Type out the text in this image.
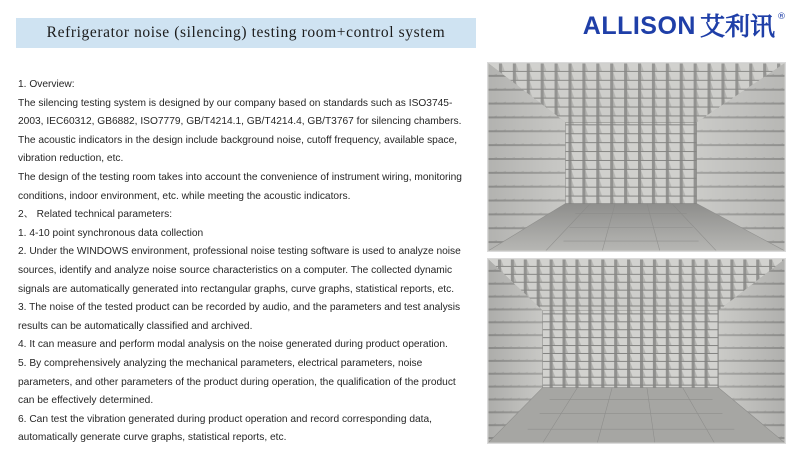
Refrigerator noise (silencing) testing room+control system	ALLISON 艾利讯 ®

1. Overview:

The silencing testing system is designed by our company based on standards such as ISO3745-2003, IEC60312, GB6882, ISO7779, GB/T4214.1, GB/T4214.4, GB/T3767 for silencing chambers. The acoustic indicators in the design include background noise, cutoff frequency, available space, vibration reduction, etc.

The design of the testing room takes into account the convenience of instrument wiring, monitoring conditions, indoor environment, etc. while meeting the acoustic indicators.

2、 Related technical parameters:

1. 4-10 point synchronous data collection

2. Under the WINDOWS environment, professional noise testing software is used to analyze noise sources, identify and analyze noise source characteristics on a computer. The collected dynamic signals are automatically generated into rectangular graphs, curve graphs, statistical reports, etc.

3. The noise of the tested product can be recorded by audio, and the parameters and test analysis results can be automatically classified and archived.

4. It can measure and perform modal analysis on the noise generated during product operation.

5. By comprehensively analyzing the mechanical parameters, electrical parameters, noise parameters, and other parameters of the product during operation, the qualification of the product can be effectively determined.

6. Can test the vibration generated during product operation and record corresponding data, automatically generate curve graphs, statistical reports, etc.
